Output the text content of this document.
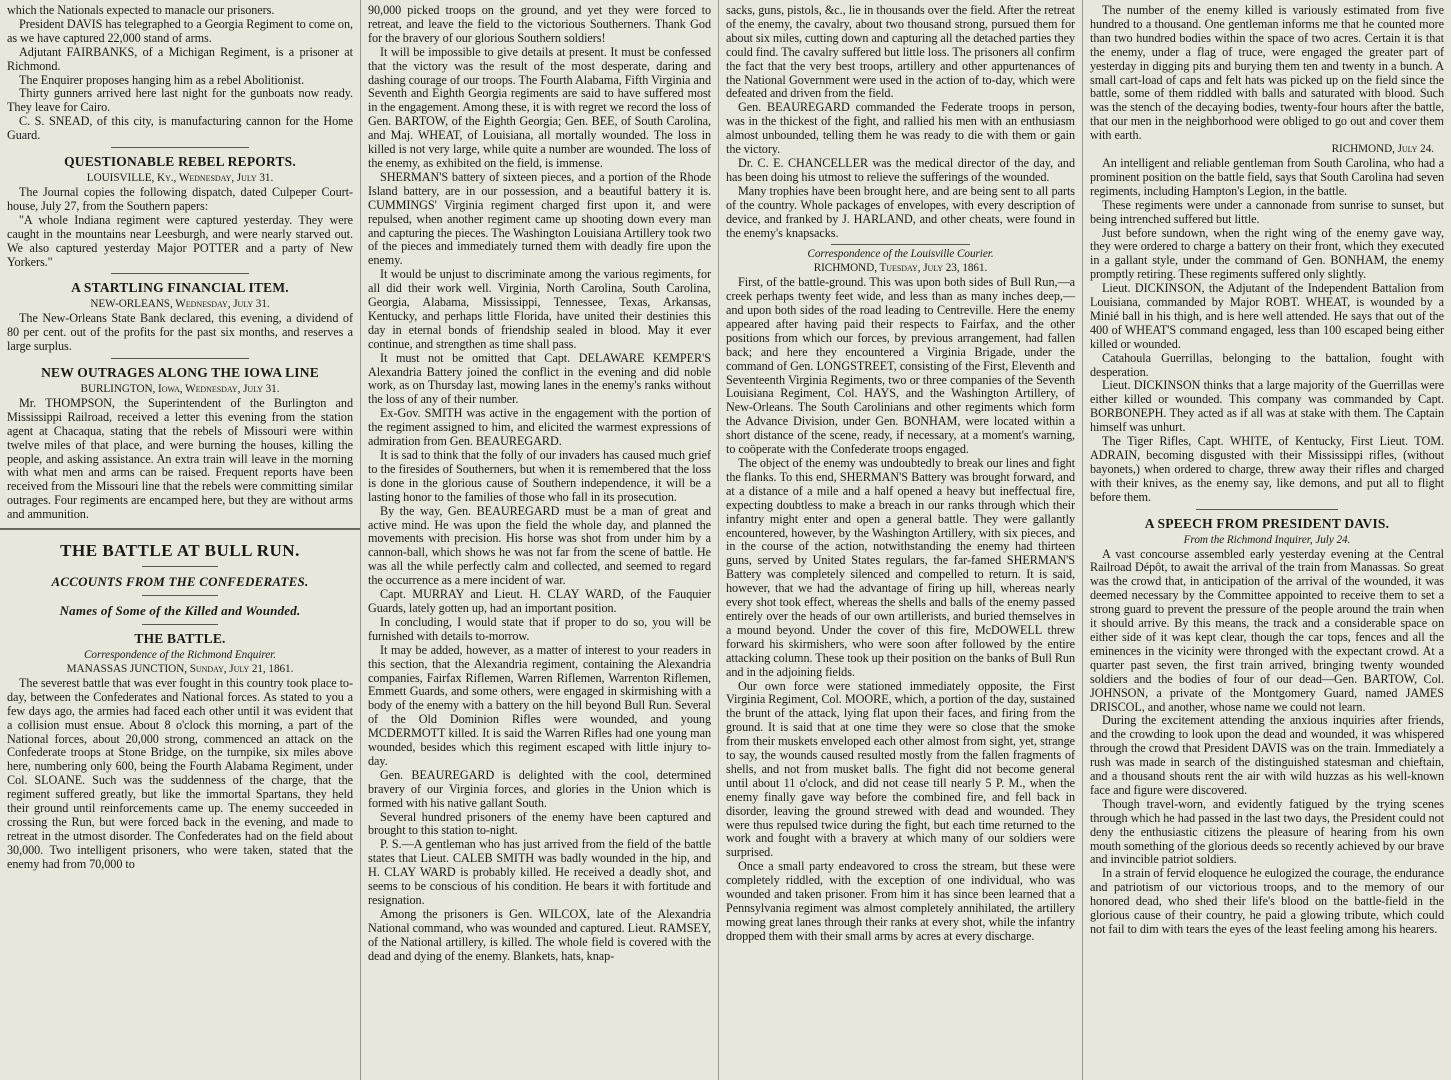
which the Nationals expected to manacle our prisoners.

President DAVIS has telegraphed to a Georgia Regiment to come on, as we have captured 22,000 stand of arms.

Adjutant FAIRBANKS, of a Michigan Regiment, is a prisoner at Richmond.

The Enquirer proposes hanging him as a rebel Abolitionist.

Thirty gunners arrived here last night for the gunboats now ready. They leave for Cairo.

C. S. SNEAD, of this city, is manufacturing cannon for the Home Guard.

QUESTIONABLE REBEL REPORTS.
LOUISVILLE, Ky., Wednesday, July 31.

The Journal copies the following dispatch, dated Culpeper Court-house, July 27, from the Southern papers:

"A whole Indiana regiment were captured yesterday. They were caught in the mountains near Leesburgh, and were nearly starved out. We also captured yesterday Major POTTER and a party of New Yorkers."

A STARTLING FINANCIAL ITEM.
NEW-ORLEANS, Wednesday, July 31.

The New-Orleans State Bank declared, this evening, a dividend of 80 per cent. out of the profits for the past six months, and reserves a large surplus.

NEW OUTRAGES ALONG THE IOWA LINE
BURLINGTON, Iowa, Wednesday, July 31.

Mr. THOMPSON, the Superintendent of the Burlington and Mississippi Railroad, received a letter this evening from the station agent at Chacaqua, stating that the rebels of Missouri were within twelve miles of that place, and were burning the houses, killing the people, and asking assistance. An extra train will leave in the morning with what men and arms can be raised. Frequent reports have been received from the Missouri line that the rebels were committing similar outrages. Four regiments are encamped here, but they are without arms and ammunition.

THE BATTLE AT BULL RUN.
ACCOUNTS FROM THE CONFEDERATES.
Names of Some of the Killed and Wounded.
THE BATTLE.
Correspondence of the Richmond Enquirer.
MANASSAS JUNCTION, Sunday, July 21, 1861.

The severest battle that was ever fought in this country took place to-day, between the Confederates and National forces. As stated to you a few days ago, the armies had faced each other until it was evident that a collision must ensue. About 8 o'clock this morning, a part of the National forces, about 20,000 strong, commenced an attack on the Confederate troops at Stone Bridge, on the turnpike, six miles above here, numbering only 600, being the Fourth Alabama Regiment, under Col. SLOANE. Such was the suddenness of the charge, that the regiment suffered greatly, but like the immortal Spartans, they held their ground until reinforcements came up. The enemy succeeded in crossing the Run, but were forced back in the evening, and made to retreat in the utmost disorder. The Confederates had on the field about 30,000. Two intelligent prisoners, who were taken, stated that the enemy had from 70,000 to

90,000 picked troops on the ground, and yet they were forced to retreat, and leave the field to the victorious Southerners. Thank God for the bravery of our glorious Southern soldiers!

It will be impossible to give details at present. It must be confessed that the victory was the result of the most desperate, daring and dashing courage of our troops. The Fourth Alabama, Fifth Virginia and Seventh and Eighth Georgia regiments are said to have suffered most in the engagement. Among these, it is with regret we record the loss of Gen. BARTOW, of the Eighth Georgia; Gen. BEE, of South Carolina, and Maj. WHEAT, of Louisiana, all mortally wounded. The loss in killed is not very large, while quite a number are wounded. The loss of the enemy, as exhibited on the field, is immense.

SHERMAN'S battery of sixteen pieces, and a portion of the Rhode Island battery, are in our possession, and a beautiful battery it is. CUMMINGS' Virginia regiment charged first upon it, and were repulsed, when another regiment came up shooting down every man and capturing the pieces. The Washington Louisiana Artillery took two of the pieces and immediately turned them with deadly fire upon the enemy.

It would be unjust to discriminate among the various regiments, for all did their work well. Virginia, North Carolina, South Carolina, Georgia, Alabama, Mississippi, Tennessee, Texas, Arkansas, Kentucky, and perhaps little Florida, have united their destinies this day in eternal bonds of friendship sealed in blood. May it ever continue, and strengthen as time shall pass.

It must not be omitted that Capt. DELAWARE KEMPER'S Alexandria Battery joined the conflict in the evening and did noble work, as on Thursday last, mowing lanes in the enemy's ranks without the loss of any of their number.

Ex-Gov. SMITH was active in the engagement with the portion of the regiment assigned to him, and elicited the warmest expressions of admiration from Gen. BEAUREGARD.

It is sad to think that the folly of our invaders has caused much grief to the firesides of Southerners, but when it is remembered that the loss is done in the glorious cause of Southern independence, it will be a lasting honor to the families of those who fall in its prosecution.

By the way, Gen. BEAUREGARD must be a man of great and active mind. He was upon the field the whole day, and planned the movements with precision. His horse was shot from under him by a cannon-ball, which shows he was not far from the scene of battle. He was all the while perfectly calm and collected, and seemed to regard the occurrence as a mere incident of war.

Capt. MURRAY and Lieut. H. CLAY WARD, of the Fauquier Guards, lately gotten up, had an important position.

In concluding, I would state that if proper to do so, you will be furnished with details to-morrow.

It may be added, however, as a matter of interest to your readers in this section, that the Alexandria regiment, containing the Alexandria companies, Fairfax Riflemen, Warren Riflemen, Warrenton Riflemen, Emmett Guards, and some others, were engaged in skirmishing with a body of the enemy with a battery on the hill beyond Bull Run. Several of the Old Dominion Rifles were wounded, and young MCDERMOTT killed. It is said the Warren Rifles had one young man wounded, besides which this regiment escaped with little injury to-day.

Gen. BEAUREGARD is delighted with the cool, determined bravery of our Virginia forces, and glories in the Union which is formed with his native gallant South.

Several hundred prisoners of the enemy have been captured and brought to this station to-night.

P. S.—A gentleman who has just arrived from the field of the battle states that Lieut. CALEB SMITH was badly wounded in the hip, and H. CLAY WARD is probably killed. He received a deadly shot, and seems to be conscious of his condition. He bears it with fortitude and resignation.

Among the prisoners is Gen. WILCOX, late of the Alexandria National command, who was wounded and captured. Lieut. RAMSEY, of the National artillery, is killed. The whole field is covered with the dead and dying of the enemy. Blankets, hats, knap-

sacks, guns, pistols, &c., lie in thousands over the field. After the retreat of the enemy, the cavalry, about two thousand strong, pursued them for about six miles, cutting down and capturing all the detached parties they could find. The cavalry suffered but little loss. The prisoners all confirm the fact that the very best troops, artillery and other appurtenances of the National Government were used in the action of to-day, which were defeated and driven from the field.

Gen. BEAUREGARD commanded the Federate troops in person, was in the thickest of the fight, and rallied his men with an enthusiasm almost unbounded, telling them he was ready to die with them or gain the victory.

Dr. C. E. CHANCELLER was the medical director of the day, and has been doing his utmost to relieve the sufferings of the wounded.

Many trophies have been brought here, and are being sent to all parts of the country. Whole packages of envelopes, with every description of device, and franked by J. HARLAND, and other cheats, were found in the enemy's knapsacks.

Correspondence of the Louisville Courier.
RICHMOND, Tuesday, July 23, 1861.

First, of the battle-ground. This was upon both sides of Bull Run,—a creek perhaps twenty feet wide, and less than as many inches deep,—and upon both sides of the road leading to Centreville. Here the enemy appeared after having paid their respects to Fairfax, and the other positions from which our forces, by previous arrangement, had fallen back; and here they encountered a Virginia Brigade, under the command of Gen. LONGSTREET, consisting of the First, Eleventh and Seventeenth Virginia Regiments, two or three companies of the Seventh Louisiana Regiment, Col. HAYS, and the Washington Artillery, of New-Orleans. The South Carolinians and other regiments which form the Advance Division, under Gen. BONHAM, were located within a short distance of the scene, ready, if necessary, at a moment's warning, to coöperate with the Confederate troops engaged.

The object of the enemy was undoubtedly to break our lines and fight the flanks. To this end, SHERMAN'S Battery was brought forward, and at a distance of a mile and a half opened a heavy but ineffectual fire, expecting doubtless to make a breach in our ranks through which their infantry might enter and open a general battle. They were gallantly encountered, however, by the Washington Artillery, with six pieces, and in the course of the action, notwithstanding the enemy had thirteen guns, served by United States regulars, the far-famed SHERMAN'S Battery was completely silenced and compelled to return. It is said, however, that we had the advantage of firing up hill, whereas nearly every shot took effect, whereas the shells and balls of the enemy passed entirely over the heads of our own artillerists, and buried themselves in a mound beyond. Under the cover of this fire, McDOWELL threw forward his skirmishers, who were soon after followed by the entire attacking column. These took up their position on the banks of Bull Run and in the adjoining fields.

Our own force were stationed immediately opposite, the First Virginia Regiment, Col. MOORE, which, a portion of the day, sustained the brunt of the attack, lying flat upon their faces, and firing from the ground. It is said that at one time they were so close that the smoke from their muskets enveloped each other almost from sight, yet, strange to say, the wounds caused resulted mostly from the fallen fragments of shells, and not from musket balls. The fight did not become general until about 11 o'clock, and did not cease till nearly 5 P. M., when the enemy finally gave way before the combined fire, and fell back in disorder, leaving the ground strewed with dead and wounded. They were thus repulsed twice during the fight, but each time returned to the work and fought with a bravery at which many of our soldiers were surprised.

Once a small party endeavored to cross the stream, but these were completely riddled, with the exception of one individual, who was wounded and taken prisoner. From him it has since been learned that a Pennsylvania regiment was almost completely annihilated, the artillery mowing great lanes through their ranks at every shot, while the infantry dropped them with their small arms by acres at every discharge.

The number of the enemy killed is variously estimated from five hundred to a thousand. One gentleman informs me that he counted more than two hundred bodies within the space of two acres. Certain it is that the enemy, under a flag of truce, were engaged the greater part of yesterday in digging pits and burying them ten and twenty in a bunch. A small cart-load of caps and felt hats was picked up on the field since the battle, some of them riddled with balls and saturated with blood. Such was the stench of the decaying bodies, twenty-four hours after the battle, that our men in the neighborhood were obliged to go out and cover them with earth.

RICHMOND, July 24.

An intelligent and reliable gentleman from South Carolina, who had a prominent position on the battle field, says that South Carolina had seven regiments, including Hampton's Legion, in the battle.

These regiments were under a cannonade from sunrise to sunset, but being intrenched suffered but little.

Just before sundown, when the right wing of the enemy gave way, they were ordered to charge a battery on their front, which they executed in a gallant style, under the command of Gen. BONHAM, the enemy promptly retiring. These regiments suffered only slightly.

Lieut. DICKINSON, the Adjutant of the Independent Battalion from Louisiana, commanded by Major ROBT. WHEAT, is wounded by a Minié ball in his thigh, and is here well attended. He says that out of the 400 of WHEAT'S command engaged, less than 100 escaped being either killed or wounded.

Catahoula Guerrillas, belonging to the battalion, fought with desperation.

Lieut. DICKINSON thinks that a large majority of the Guerrillas were either killed or wounded. This company was commanded by Capt. BORBONEPH. They acted as if all was at stake with them. The Captain himself was unhurt.

The Tiger Rifles, Capt. WHITE, of Kentucky, First Lieut. TOM. ADRAIN, becoming disgusted with their Mississippi rifles, (without bayonets,) when ordered to charge, threw away their rifles and charged with their knives, as the enemy say, like demons, and put all to flight before them.

A SPEECH FROM PRESIDENT DAVIS.
From the Richmond Inquirer, July 24.

A vast concourse assembled early yesterday evening at the Central Railroad Dépôt, to await the arrival of the train from Manassas. So great was the crowd that, in anticipation of the arrival of the wounded, it was deemed necessary by the Committee appointed to receive them to set a strong guard to prevent the pressure of the people around the train when it should arrive. By this means, the track and a considerable space on either side of it was kept clear, though the car tops, fences and all the eminences in the vicinity were thronged with the expectant crowd. At a quarter past seven, the first train arrived, bringing twenty wounded soldiers and the bodies of four of our dead—Gen. BARTOW, Col. JOHNSON, a private of the Montgomery Guard, named JAMES DRISCOL, and another, whose name we could not learn.

During the excitement attending the anxious inquiries after friends, and the crowding to look upon the dead and wounded, it was whispered through the crowd that President DAVIS was on the train. Immediately a rush was made in search of the distinguished statesman and chieftain, and a thousand shouts rent the air with wild huzzas as his well-known face and figure were discovered.

Though travel-worn, and evidently fatigued by the trying scenes through which he had passed in the last two days, the President could not deny the enthusiastic citizens the pleasure of hearing from his own mouth something of the glorious deeds so recently achieved by our brave and invincible patriot soldiers.

In a strain of fervid eloquence he eulogized the courage, the endurance and patriotism of our victorious troops, and to the memory of our honored dead, who shed their life's blood on the battle-field in the glorious cause of their country, he paid a glowing tribute, which could not fail to dim with tears the eyes of the least feeling among his hearers.
